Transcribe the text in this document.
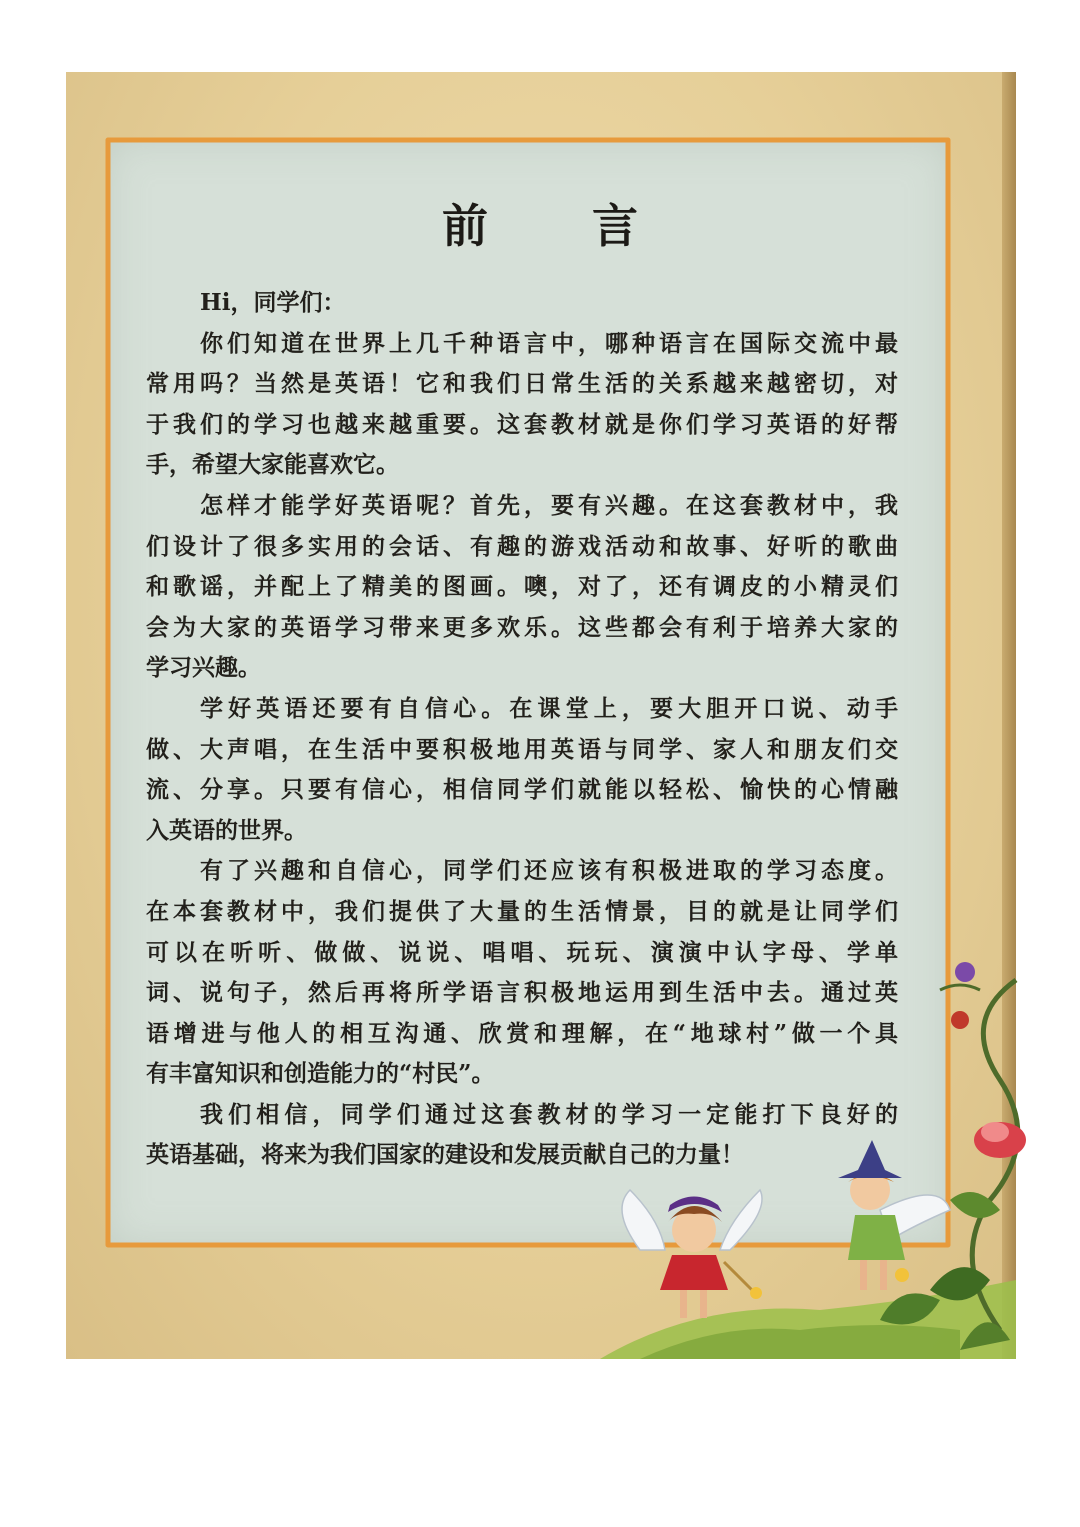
前 言
Hi，同学们：
你们知道在世界上几千种语言中，哪种语言在国际交流中最
常用吗？当然是英语！它和我们日常生活的关系越来越密切，对
于我们的学习也越来越重要。这套教材就是你们学习英语的好帮
手，希望大家能喜欢它。
怎样才能学好英语呢？首先，要有兴趣。在这套教材中，我
们设计了很多实用的会话、有趣的游戏活动和故事、好听的歌曲
和歌谣，并配上了精美的图画。噢，对了，还有调皮的小精灵们
会为大家的英语学习带来更多欢乐。这些都会有利于培养大家的
学习兴趣。
学好英语还要有自信心。在课堂上，要大胆开口说、动手
做、大声唱，在生活中要积极地用英语与同学、家人和朋友们交
流、分享。只要有信心，相信同学们就能以轻松、愉快的心情融
入英语的世界。
有了兴趣和自信心，同学们还应该有积极进取的学习态度。
在本套教材中，我们提供了大量的生活情景，目的就是让同学们
可以在听听、做做、说说、唱唱、玩玩、演演中认字母、学单
词、说句子，然后再将所学语言积极地运用到生活中去。通过英
语增进与他人的相互沟通、欣赏和理解，在“地球村”做一个具
有丰富知识和创造能力的“村民”。
我们相信，同学们通过这套教材的学习一定能打下良好的
英语基础，将来为我们国家的建设和发展贡献自己的力量！
